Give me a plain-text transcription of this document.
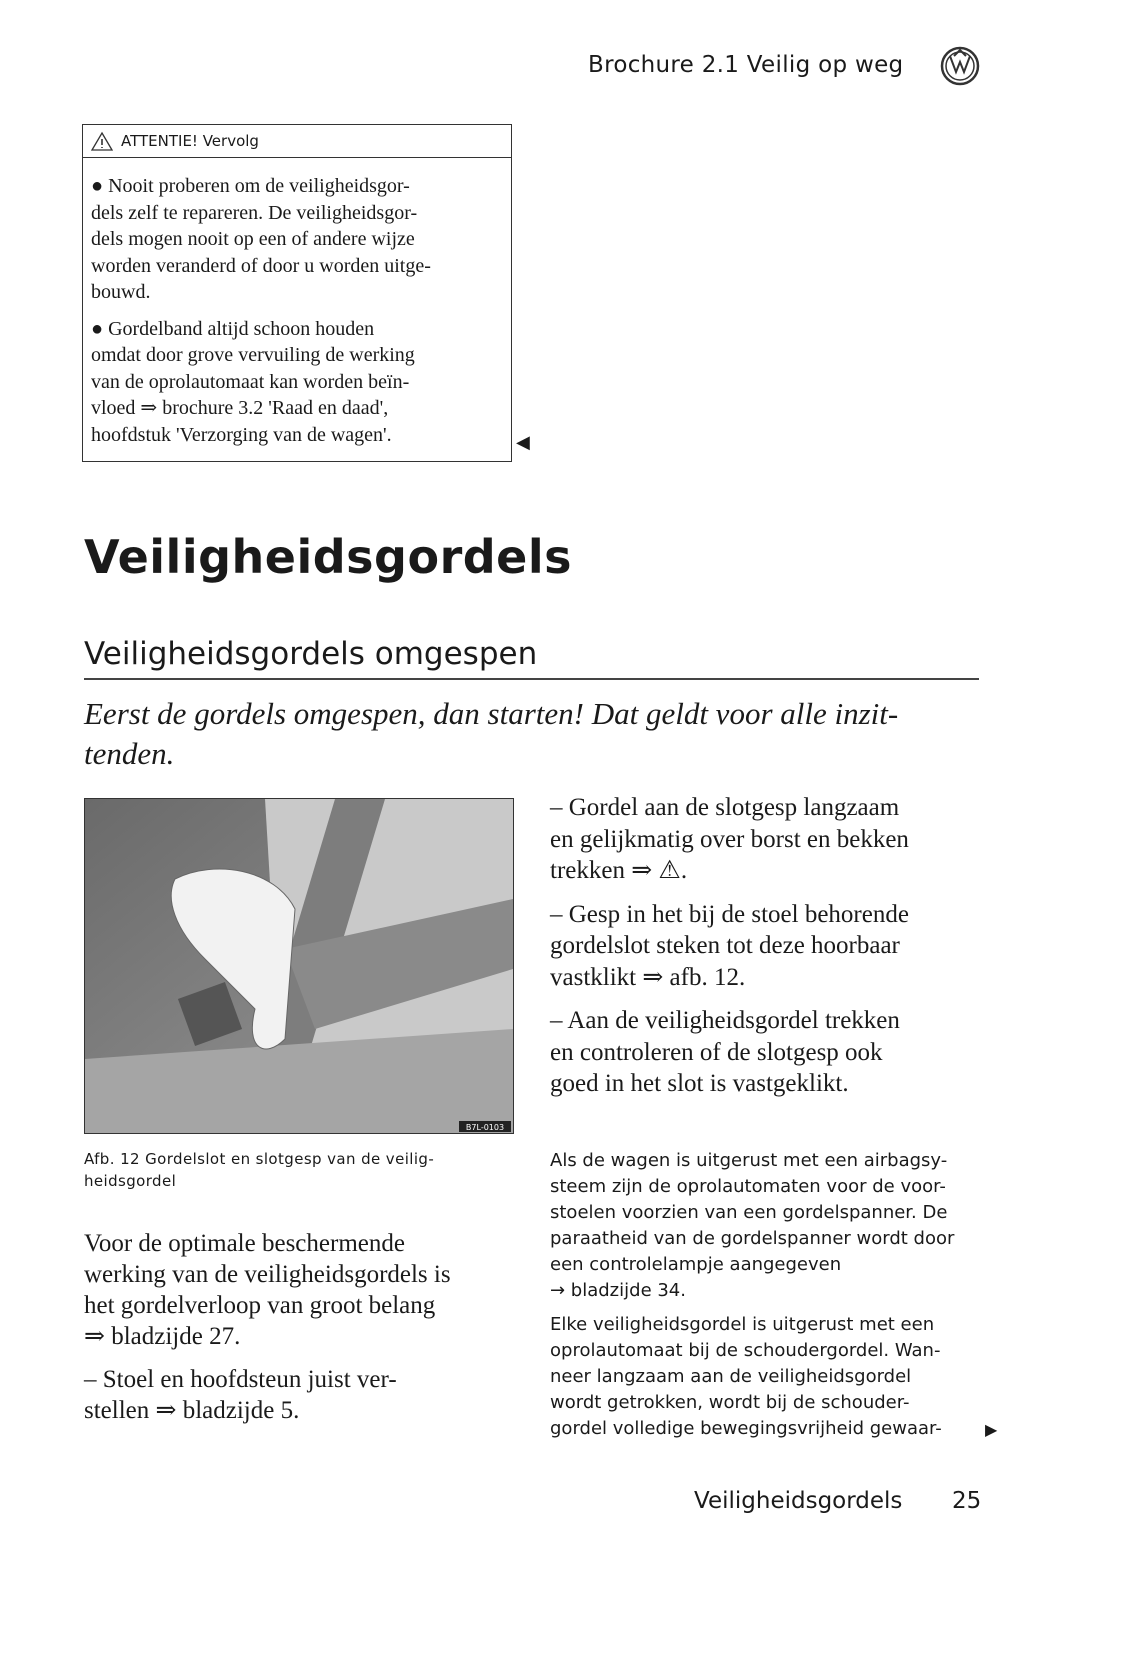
Brochure 2.1 Veilig op weg
ATTENTIE! Vervolg
● Nooit proberen om de veiligheidsgor-
dels zelf te repareren. De veiligheidsgor-
dels mogen nooit op een of andere wijze
worden veranderd of door u worden uitge-
bouwd.
● Gordelband altijd schoon houden
omdat door grove vervuiling de werking
van de oprolautomaat kan worden beïn-
vloed ⇒ brochure 3.2 'Raad en daad',
hoofdstuk 'Verzorging van de wagen'.	◀
Veiligheidsgordels
Veiligheidsgordels omgespen
Eerst de gordels omgespen, dan starten! Dat geldt voor alle inzit-
tenden.
B7L-0103
Afb. 12 Gordelslot en slotgesp van de veilig-
heidsgordel
Voor de optimale beschermende
werking van de veiligheidsgordels is
het gordelverloop van groot belang
⇒ bladzijde 27.
– Stoel en hoofdsteun juist ver-
stellen ⇒ bladzijde 5.
– Gordel aan de slotgesp langzaam
en gelijkmatig over borst en bekken
trekken ⇒ ⚠.
– Gesp in het bij de stoel behorende
gordelslot steken tot deze hoorbaar
vastklikt ⇒ afb. 12.
– Aan de veiligheidsgordel trekken
en controleren of de slotgesp ook
goed in het slot is vastgeklikt.
Als de wagen is uitgerust met een airbagsy-
steem zijn de oprolautomaten voor de voor-
stoelen voorzien van een gordelspanner. De
paraatheid van de gordelspanner wordt door
een controlelampje aangegeven
→ bladzijde 34.
Elke veiligheidsgordel is uitgerust met een
oprolautomaat bij de schoudergordel. Wan-
neer langzaam aan de veiligheidsgordel
wordt getrokken, wordt bij de schouder-
gordel volledige bewegingsvrijheid gewaar-	▶
Veiligheidsgordels 25
